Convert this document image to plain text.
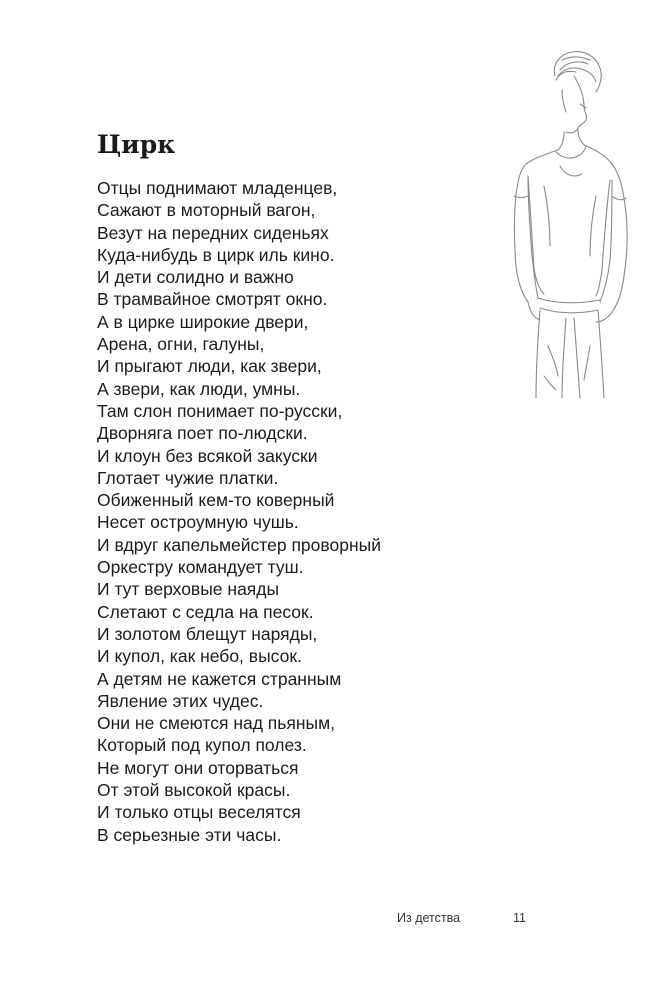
Цирк
Отцы поднимают младенцев,
Сажают в моторный вагон,
Везут на передних сиденьях
Куда-нибудь в цирк иль кино.
И дети солидно и важно
В трамвайное смотрят окно.
А в цирке широкие двери,
Арена, огни, галуны,
И прыгают люди, как звери,
А звери, как люди, умны.
Там слон понимает по-русски,
Дворняга поет по-людски.
И клоун без всякой закуски
Глотает чужие платки.
Обиженный кем-то коверный
Несет остроумную чушь.
И вдруг капельмейстер проворный
Оркестру командует туш.
И тут верховые наяды
Слетают с седла на песок.
И золотом блещут наряды,
И купол, как небо, высок.
А детям не кажется странным
Явление этих чудес.
Они не смеются над пьяным,
Который под купол полез.
Не могут они оторваться
От этой высокой красы.
И только отцы веселятся
В серьезные эти часы.
Из детства	11
